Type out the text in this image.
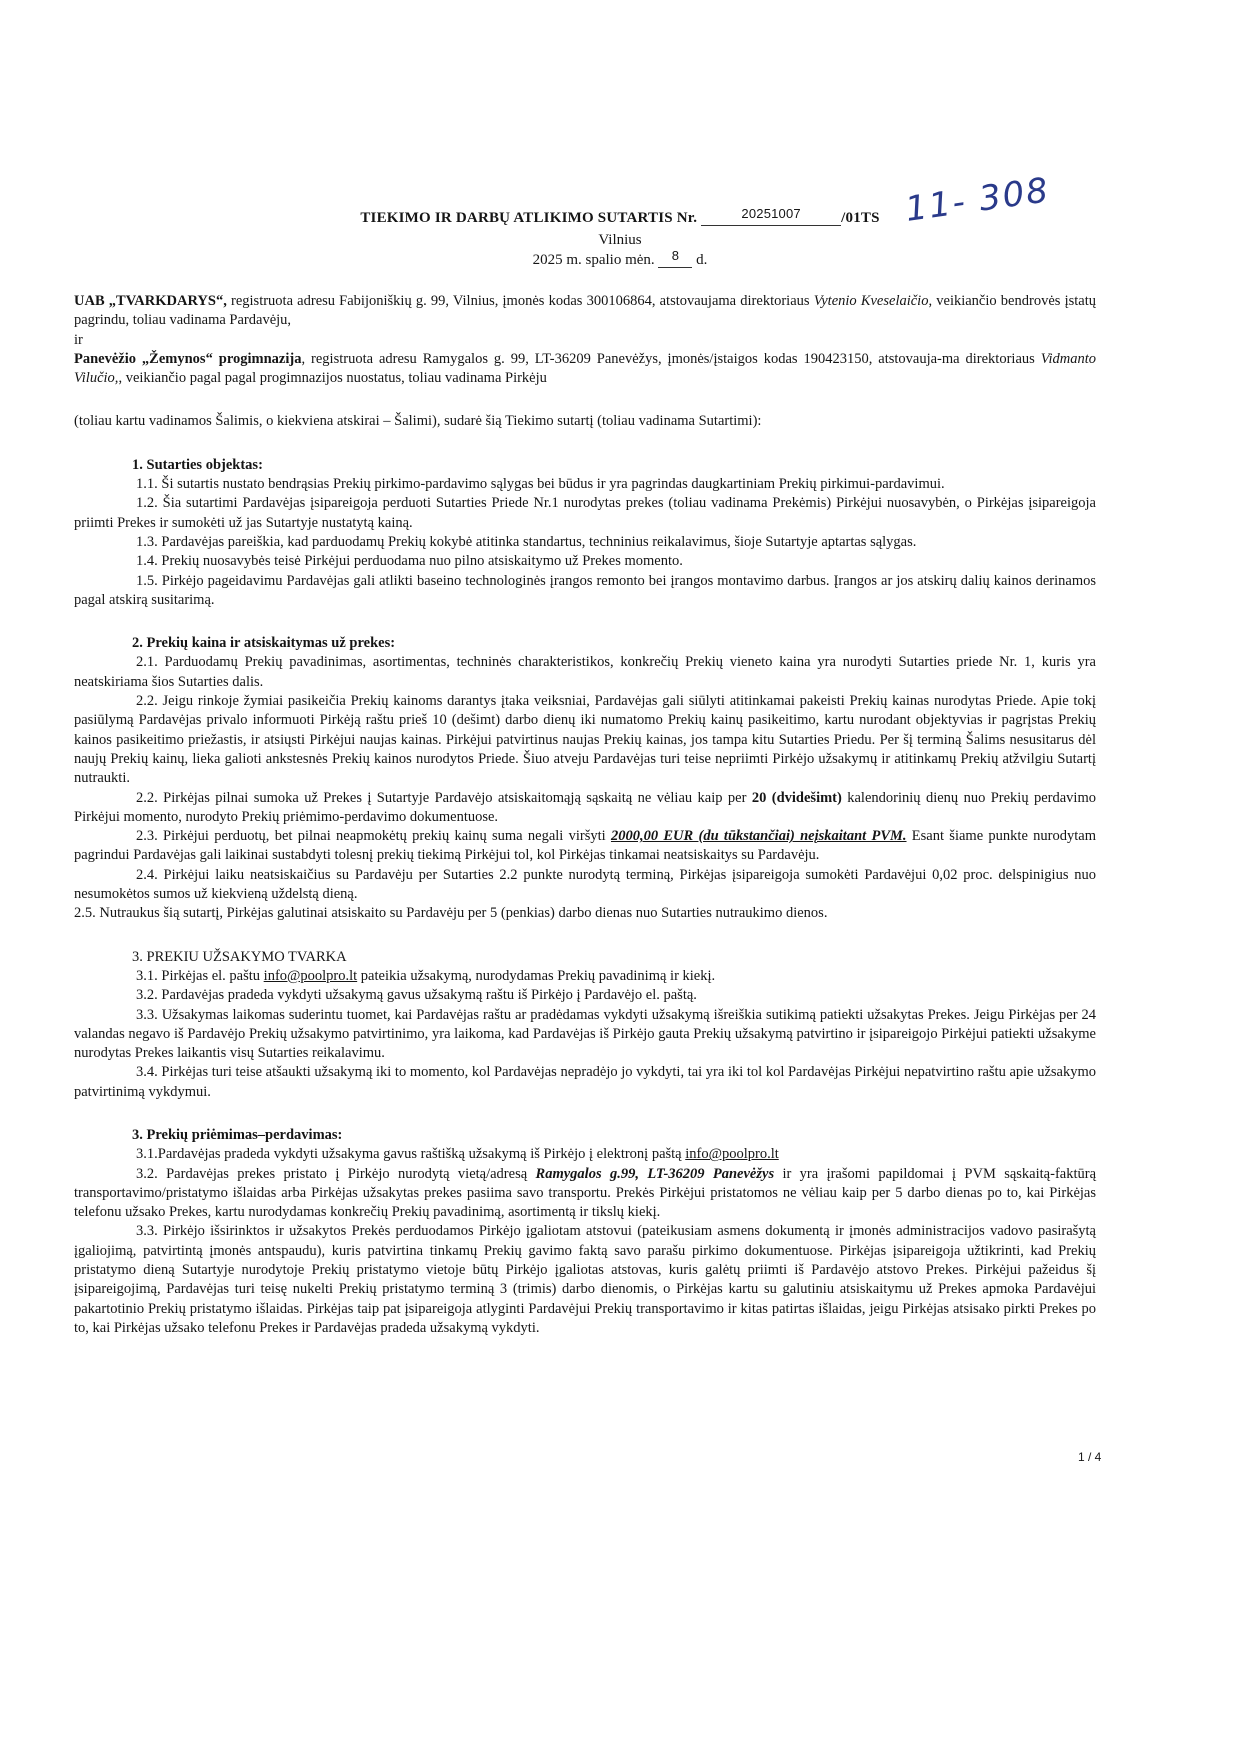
TIEKIMO IR DARBŲ ATLIKIMO SUTARTIS Nr.	20251007	/01TS
Vilnius
2025 m. spalio mėn. 8 d.
11- 308

UAB „TVARKDARYS“, registruota adresu Fabijoniškių g. 99, Vilnius, įmonės kodas 300106864, atstovaujama direktoriaus Vytenio Kveselaičio, veikiančio bendrovės įstatų pagrindu, toliau vadinama Pardavėju,

ir

Panevėžio „Žemynos“ progimnazija, registruota adresu Ramygalos g. 99, LT-36209 Panevėžys, įmonės/įstaigos kodas 190423150, atstovauja-ma direktoriaus Vidmanto Vilučio,, veikiančio pagal pagal progimnazijos nuostatus, toliau vadinama Pirkėju

(toliau kartu vadinamos Šalimis, o kiekviena atskirai – Šalimi), sudarė šią Tiekimo sutartį (toliau vadinama Sutartimi):

1. Sutarties objektas:

1.1. Ši sutartis nustato bendrąsias Prekių pirkimo-pardavimo sąlygas bei būdus ir yra pagrindas daugkartiniam Prekių pirkimui-pardavimui.

1.2. Šia sutartimi Pardavėjas įsipareigoja perduoti Sutarties Priede Nr.1 nurodytas prekes (toliau vadinama Prekėmis) Pirkėjui nuosavybėn, o Pirkėjas įsipareigoja priimti Prekes ir sumokėti už jas Sutartyje nustatytą kainą.

1.3. Pardavėjas pareiškia, kad parduodamų Prekių kokybė atitinka standartus, techninius reikalavimus, šioje Sutartyje aptartas sąlygas.

1.4. Prekių nuosavybės teisė Pirkėjui perduodama nuo pilno atsiskaitymo už Prekes momento.

1.5. Pirkėjo pageidavimu Pardavėjas gali atlikti baseino technologinės įrangos remonto bei įrangos montavimo darbus. Įrangos ar jos atskirų dalių kainos derinamos pagal atskirą susitarimą.

2. Prekių kaina ir atsiskaitymas už prekes:

2.1. Parduodamų Prekių pavadinimas, asortimentas, techninės charakteristikos, konkrečių Prekių vieneto kaina yra nurodyti Sutarties priede Nr. 1, kuris yra neatskiriama šios Sutarties dalis.

2.2. Jeigu rinkoje žymiai pasikeičia Prekių kainoms darantys įtaka veiksniai, Pardavėjas gali siūlyti atitinkamai pakeisti Prekių kainas nurodytas Priede. Apie tokį pasiūlymą Pardavėjas privalo informuoti Pirkėją raštu prieš 10 (dešimt) darbo dienų iki numatomo Prekių kainų pasikeitimo, kartu nurodant objektyvias ir pagrįstas Prekių kainos pasikeitimo priežastis, ir atsiųsti Pirkėjui naujas kainas. Pirkėjui patvirtinus naujas Prekių kainas, jos tampa kitu Sutarties Priedu. Per šį terminą Šalims nesusitarus dėl naujų Prekių kainų, lieka galioti ankstesnės Prekių kainos nurodytos Priede. Šiuo atveju Pardavėjas turi teise nepriimti Pirkėjo užsakymų ir atitinkamų Prekių atžvilgiu Sutartį nutraukti.

2.2. Pirkėjas pilnai sumoka už Prekes į Sutartyje Pardavėjo atsiskaitomąją sąskaitą ne vėliau kaip per 20 (dvidešimt) kalendorinių dienų nuo Prekių perdavimo Pirkėjui momento, nurodyto Prekių priėmimo-perdavimo dokumentuose.

2.3. Pirkėjui perduotų, bet pilnai neapmokėtų prekių kainų suma negali viršyti 2000,00 EUR (du tūkstančiai) neįskaitant PVM. Esant šiame punkte nurodytam pagrindui Pardavėjas gali laikinai sustabdyti tolesnį prekių tiekimą Pirkėjui tol, kol Pirkėjas tinkamai neatsiskaitys su Pardavėju.

2.4. Pirkėjui laiku neatsiskaičius su Pardavėju per Sutarties 2.2 punkte nurodytą terminą, Pirkėjas įsipareigoja sumokėti Pardavėjui 0,02 proc. delspinigius nuo nesumokėtos sumos už kiekvieną uždelstą dieną.

2.5. Nutraukus šią sutartį, Pirkėjas galutinai atsiskaito su Pardavėju per 5 (penkias) darbo dienas nuo Sutarties nutraukimo dienos.

3. PREKIU UŽSAKYMO TVARKA

3.1. Pirkėjas el. paštu info@poolpro.lt pateikia užsakymą, nurodydamas Prekių pavadinimą ir kiekį.

3.2. Pardavėjas pradeda vykdyti užsakymą gavus užsakymą raštu iš Pirkėjo į Pardavėjo el. paštą.

3.3. Užsakymas laikomas suderintu tuomet, kai Pardavėjas raštu ar pradėdamas vykdyti užsakymą išreiškia sutikimą patiekti užsakytas Prekes. Jeigu Pirkėjas per 24 valandas negavo iš Pardavėjo Prekių užsakymo patvirtinimo, yra laikoma, kad Pardavėjas iš Pirkėjo gauta Prekių užsakymą patvirtino ir įsipareigojo Pirkėjui patiekti užsakyme nurodytas Prekes laikantis visų Sutarties reikalavimu.

3.4. Pirkėjas turi teise atšaukti užsakymą iki to momento, kol Pardavėjas nepradėjo jo vykdyti, tai yra iki tol kol Pardavėjas Pirkėjui nepatvirtino raštu apie užsakymo patvirtinimą vykdymui.

3. Prekių priėmimas–perdavimas:

3.1.Pardavėjas pradeda vykdyti užsakyma gavus raštišką užsakymą iš Pirkėjo į elektronį paštą info@poolpro.lt

3.2. Pardavėjas prekes pristato į Pirkėjo nurodytą vietą/adresą Ramygalos g.99, LT-36209 Panevėžys ir yra įrašomi papildomai į PVM sąskaitą-faktūrą transportavimo/pristatymo išlaidas arba Pirkėjas užsakytas prekes pasiima savo transportu. Prekės Pirkėjui pristatomos ne vėliau kaip per 5 darbo dienas po to, kai Pirkėjas telefonu užsako Prekes, kartu nurodydamas konkrečių Prekių pavadinimą, asortimentą ir tikslų kiekį.

3.3. Pirkėjo išsirinktos ir užsakytos Prekės perduodamos Pirkėjo įgaliotam atstovui (pateikusiam asmens dokumentą ir įmonės administracijos vadovo pasirašytą įgaliojimą, patvirtintą įmonės antspaudu), kuris patvirtina tinkamų Prekių gavimo faktą savo parašu pirkimo dokumentuose. Pirkėjas įsipareigoja užtikrinti, kad Prekių pristatymo dieną Sutartyje nurodytoje Prekių pristatymo vietoje būtų Pirkėjo įgaliotas atstovas, kuris galėtų priimti iš Pardavėjo atstovo Prekes. Pirkėjui pažeidus šį įsipareigojimą, Pardavėjas turi teisę nukelti Prekių pristatymo terminą 3 (trimis) darbo dienomis, o Pirkėjas kartu su galutiniu atsiskaitymu už Prekes apmoka Pardavėjui pakartotinio Prekių pristatymo išlaidas. Pirkėjas taip pat įsipareigoja atlyginti Pardavėjui Prekių transportavimo ir kitas patirtas išlaidas, jeigu Pirkėjas atsisako pirkti Prekes po to, kai Pirkėjas užsako telefonu Prekes ir Pardavėjas pradeda užsakymą vykdyti.

1 / 4
